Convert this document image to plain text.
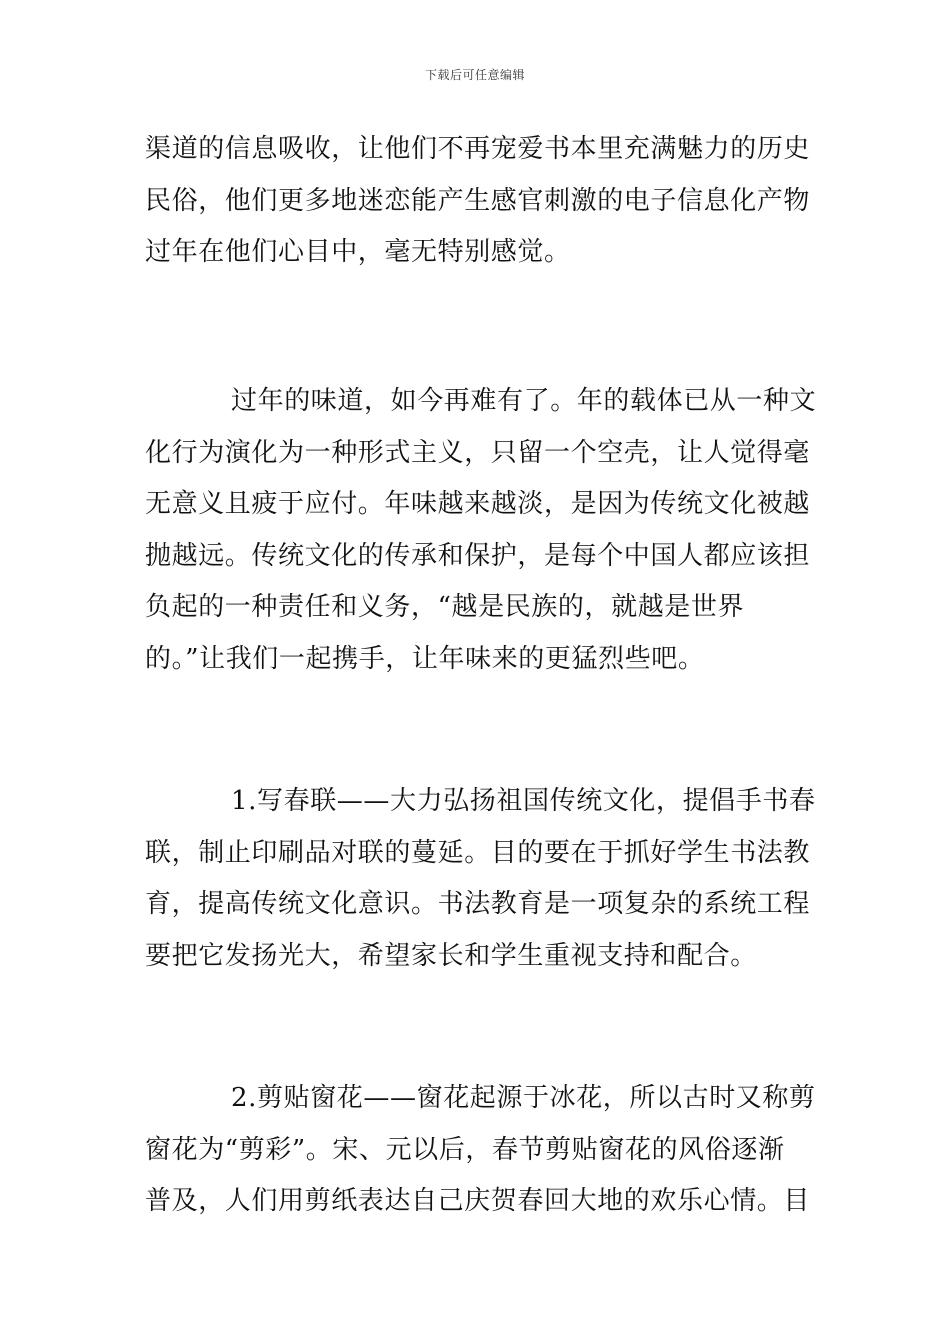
下载后可任意编辑
渠道的信息吸收，让他们不再宠爱书本里充满魅力的历史
民俗，他们更多地迷恋能产生感官刺激的电子信息化产物
过年在他们心目中，毫无特别感觉。
过年的味道，如今再难有了。年的载体已从一种文
化行为演化为一种形式主义，只留一个空壳，让人觉得毫
无意义且疲于应付。年味越来越淡，是因为传统文化被越
抛越远。传统文化的传承和保护，是每个中国人都应该担
负起的一种责任和义务，“越是民族的，就越是世界
的。”让我们一起携手，让年味来的更猛烈些吧。
1.写春联——大力弘扬祖国传统文化，提倡手书春
联，制止印刷品对联的蔓延。目的要在于抓好学生书法教
育，提高传统文化意识。书法教育是一项复杂的系统工程
要把它发扬光大，希望家长和学生重视支持和配合。
2.剪贴窗花——窗花起源于冰花，所以古时又称剪
窗花为“剪彩”。宋、元以后，春节剪贴窗花的风俗逐渐
普及，人们用剪纸表达自己庆贺春回大地的欢乐心情。目
